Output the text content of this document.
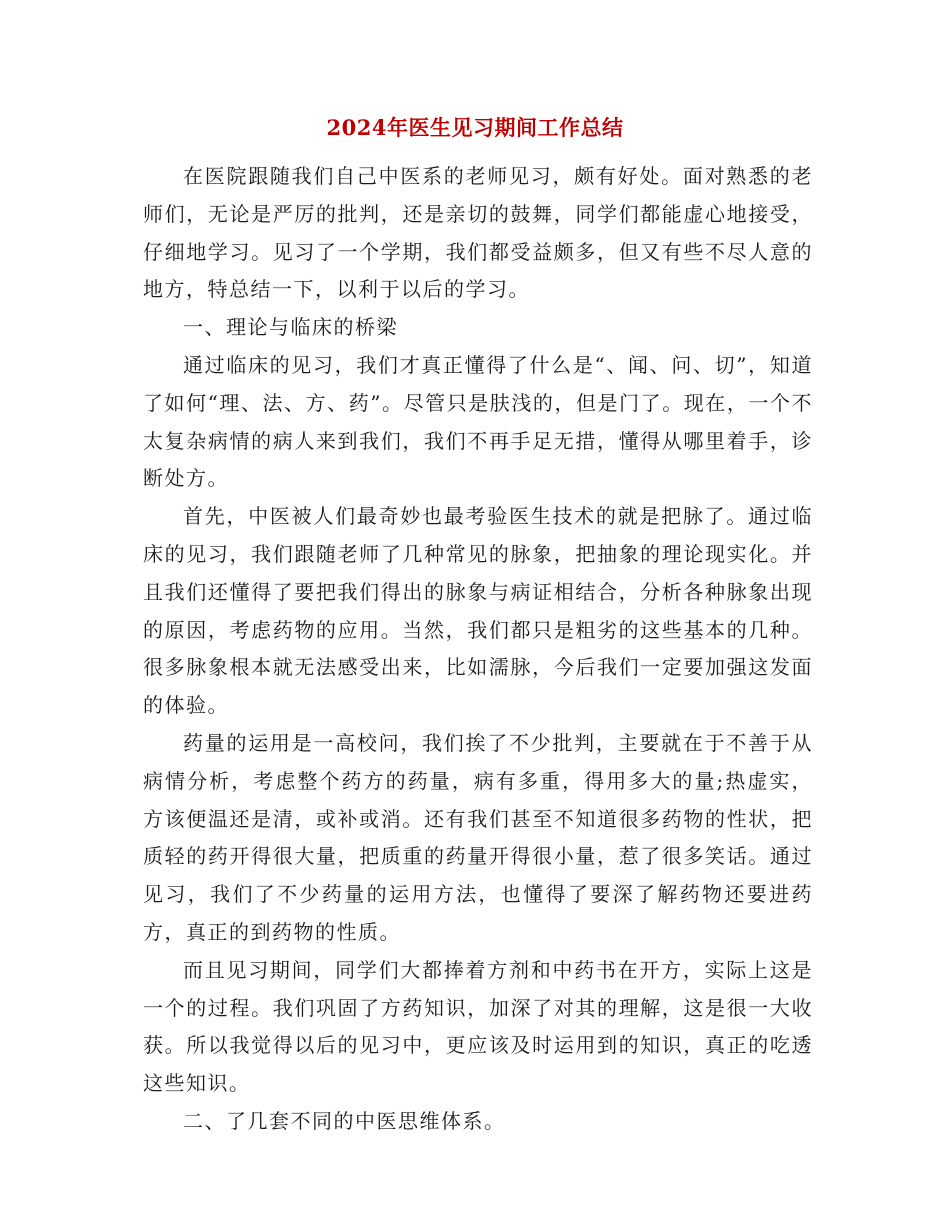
2024年医生见习期间工作总结

在医院跟随我们自己中医系的老师见习，颇有好处。面对熟悉的老师们，无论是严厉的批判，还是亲切的鼓舞，同学们都能虚心地接受，仔细地学习。见习了一个学期，我们都受益颇多，但又有些不尽人意的地方，特总结一下，以利于以后的学习。

一、理论与临床的桥梁

通过临床的见习，我们才真正懂得了什么是“、闻、问、切”，知道了如何“理、法、方、药”。尽管只是肤浅的，但是门了。现在，一个不太复杂病情的病人来到我们，我们不再手足无措，懂得从哪里着手，诊断处方。

首先，中医被人们最奇妙也最考验医生技术的就是把脉了。通过临床的见习，我们跟随老师了几种常见的脉象，把抽象的理论现实化。并且我们还懂得了要把我们得出的脉象与病证相结合，分析各种脉象出现的原因，考虑药物的应用。当然，我们都只是粗劣的这些基本的几种。很多脉象根本就无法感受出来，比如濡脉，今后我们一定要加强这发面的体验。

药量的运用是一高校问，我们挨了不少批判，主要就在于不善于从病情分析，考虑整个药方的药量，病有多重，得用多大的量;热虚实，方该便温还是清，或补或消。还有我们甚至不知道很多药物的性状，把质轻的药开得很大量，把质重的药量开得很小量，惹了很多笑话。通过见习，我们了不少药量的运用方法，也懂得了要深了解药物还要进药方，真正的到药物的性质。

而且见习期间，同学们大都捧着方剂和中药书在开方，实际上这是一个的过程。我们巩固了方药知识，加深了对其的理解，这是很一大收获。所以我觉得以后的见习中，更应该及时运用到的知识，真正的吃透这些知识。

二、了几套不同的中医思维体系。
